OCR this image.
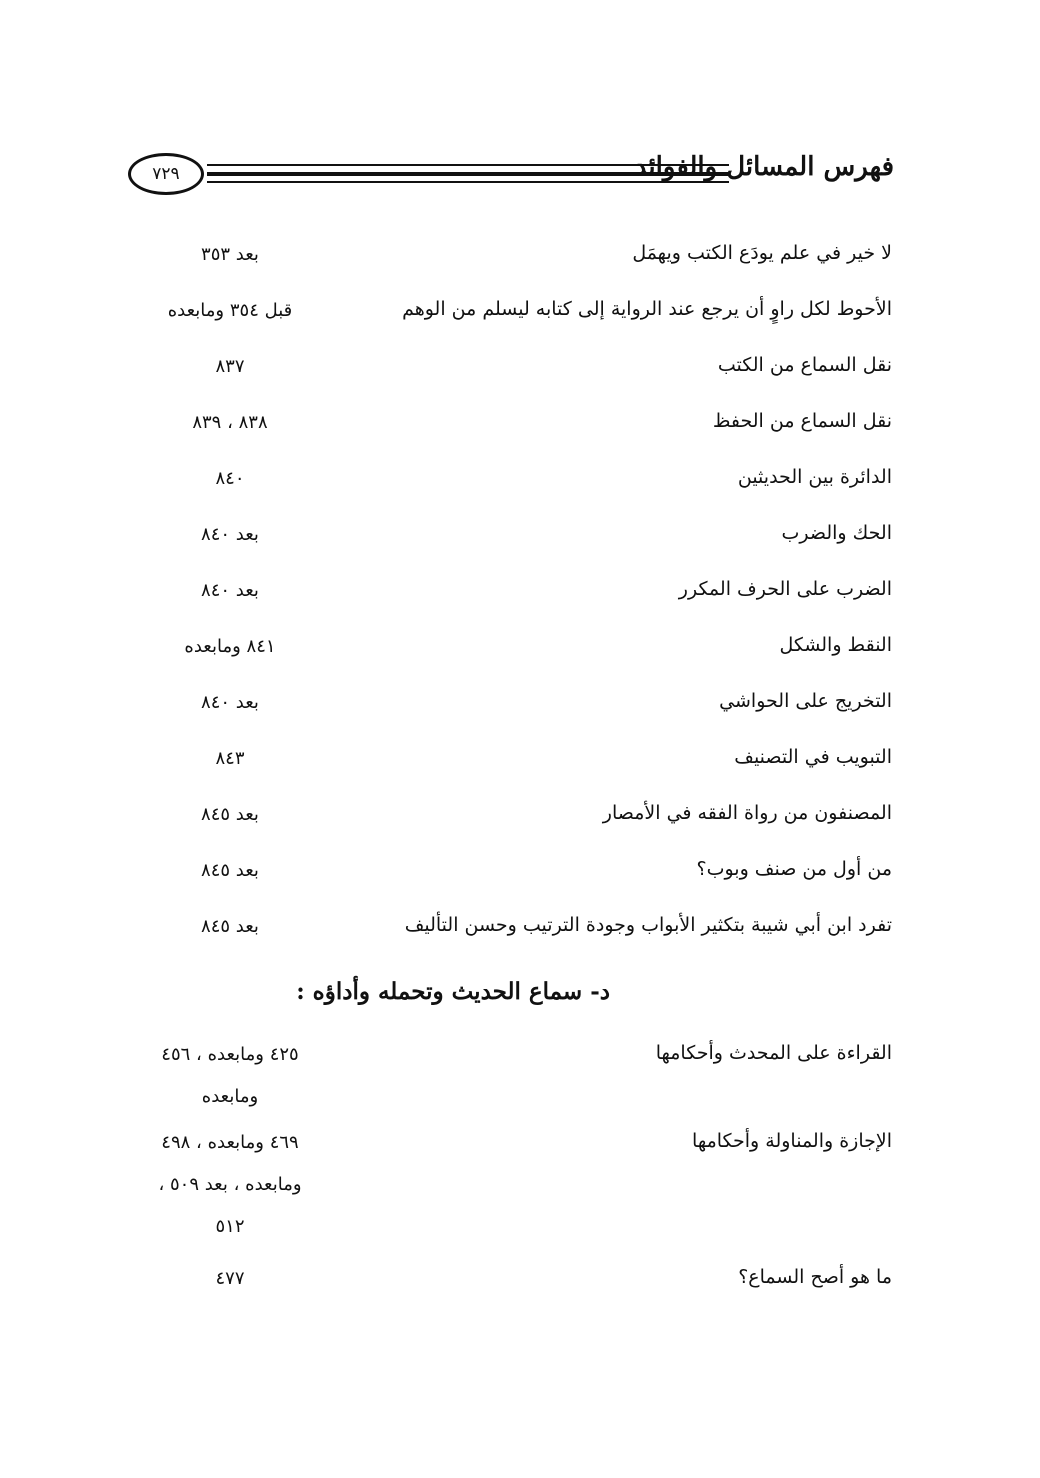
٧٢٩	فهرس المسائل والفوائد
لا خير في علم يودَع الكتب ويهمَل
بعد ٣٥٣
الأحوط لكل راوٍ أن يرجع عند الرواية إلى كتابه ليسلم من الوهم
قبل ٣٥٤ ومابعده
نقل السماع من الكتب
٨٣٧
نقل السماع من الحفظ
٨٣٨ ، ٨٣٩
الدائرة بين الحديثين
٨٤٠
الحك والضرب
بعد ٨٤٠
الضرب على الحرف المكرر
بعد ٨٤٠
النقط والشكل
٨٤١ ومابعده
التخريج على الحواشي
بعد ٨٤٠
التبويب في التصنيف
٨٤٣
المصنفون من رواة الفقه في الأمصار
بعد ٨٤٥
من أول من صنف وبوب؟
بعد ٨٤٥
تفرد ابن أبي شيبة بتكثير الأبواب وجودة الترتيب وحسن التأليف
بعد ٨٤٥
د- سماع الحديث وتحمله وأداؤه :
القراءة على المحدث وأحكامها
٤٢٥ ومابعده ، ٤٥٦
ومابعده
الإجازة والمناولة وأحكامها
٤٦٩ ومابعده ، ٤٩٨
ومابعده ، بعد ٥٠٩ ،
٥١٢
ما هو أصح السماع؟
٤٧٧
